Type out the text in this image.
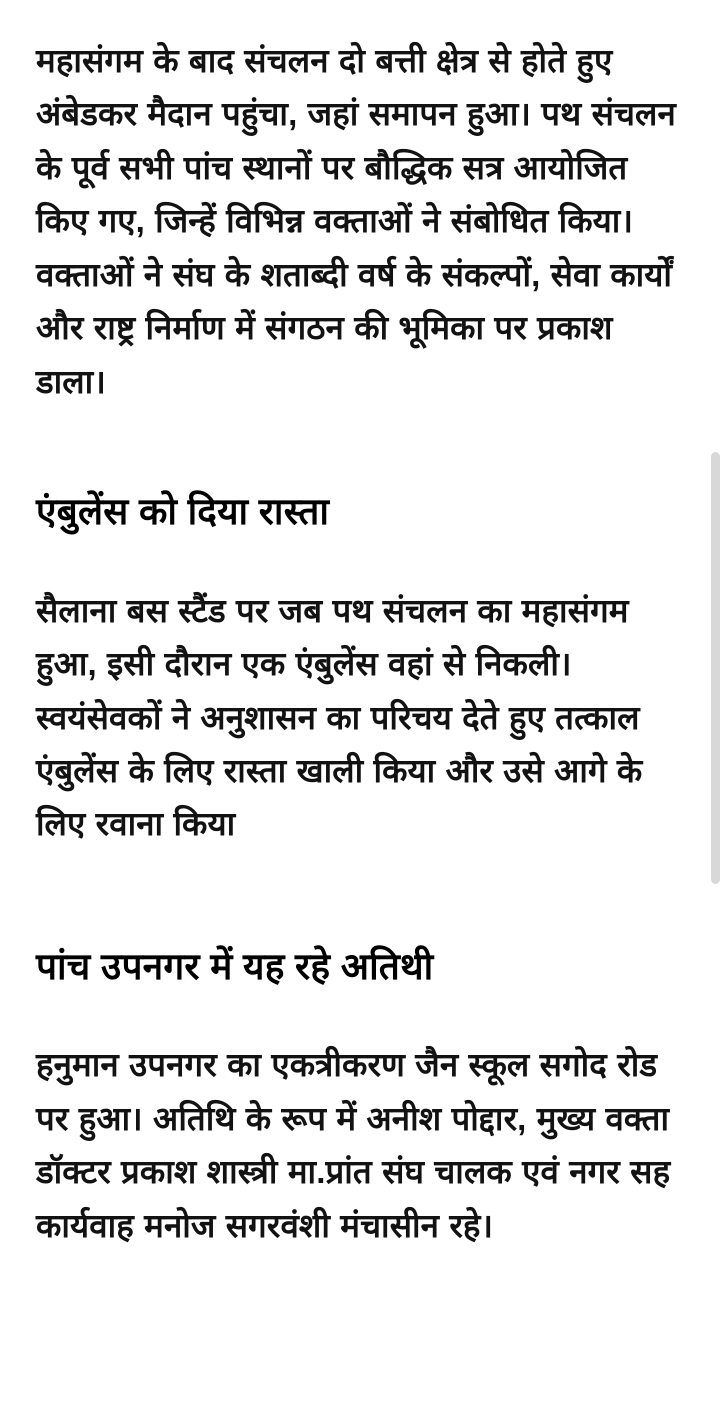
महासंगम के बाद संचलन दो बत्ती क्षेत्र से होते हुए अंबेडकर मैदान पहुंचा, जहां समापन हुआ। पथ संचलन के पूर्व सभी पांच स्थानों पर बौद्धिक सत्र आयोजित किए गए, जिन्हें विभिन्न वक्ताओं ने संबोधित किया। वक्ताओं ने संघ के शताब्दी वर्ष के संकल्पों, सेवा कार्यों और राष्ट्र निर्माण में संगठन की भूमिका पर प्रकाश डाला।

एंबुलेंस को दिया रास्ता

सैलाना बस स्टैंड पर जब पथ संचलन का महासंगम हुआ, इसी दौरान एक एंबुलेंस वहां से निकली। स्वयंसेवकों ने अनुशासन का परिचय देते हुए तत्काल एंबुलेंस के लिए रास्ता खाली किया और उसे आगे के लिए रवाना किया

पांच उपनगर में यह रहे अतिथी

हनुमान उपनगर का एकत्रीकरण जैन स्कूल सगोद रोड पर हुआ। अतिथि के रूप में अनीश पोद्दार, मुख्य वक्ता डॉक्टर प्रकाश शास्त्री मा.प्रांत संघ चालक एवं नगर सह कार्यवाह मनोज सगरवंशी मंचासीन रहे।
